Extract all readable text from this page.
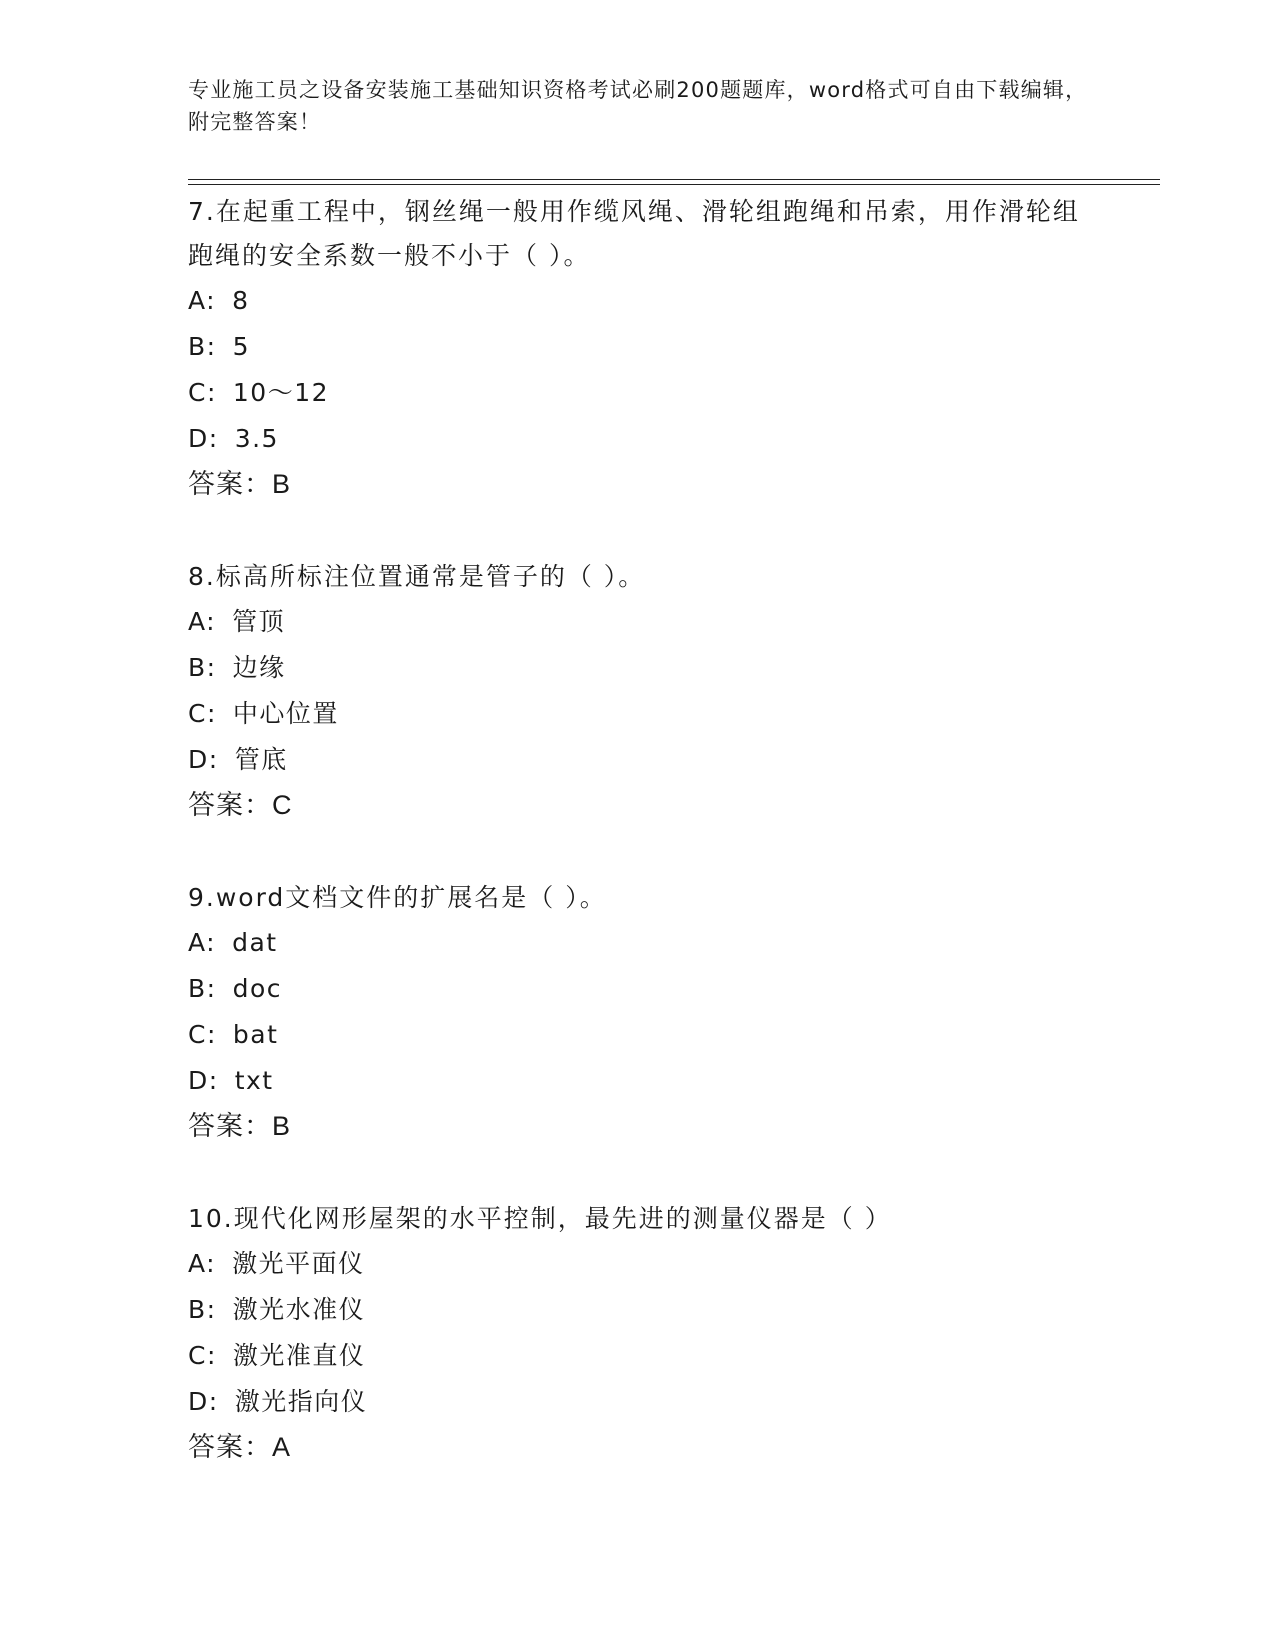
专业施工员之设备安装施工基础知识资格考试必刷200题题库，word格式可自由下载编辑，附完整答案！
7.在起重工程中，钢丝绳一般用作缆风绳、滑轮组跑绳和吊索，用作滑轮组跑绳的安全系数一般不小于（ ）。
A: 8
B: 5
C: 10～12
D: 3.5
答案：B
8.标高所标注位置通常是管子的（ ）。
A: 管顶
B: 边缘
C: 中心位置
D: 管底
答案：C
9.word文档文件的扩展名是（ ）。
A: dat
B: doc
C: bat
D: txt
答案：B
10.现代化网形屋架的水平控制，最先进的测量仪器是（ ）
A: 激光平面仪
B: 激光水准仪
C: 激光准直仪
D: 激光指向仪
答案：A
